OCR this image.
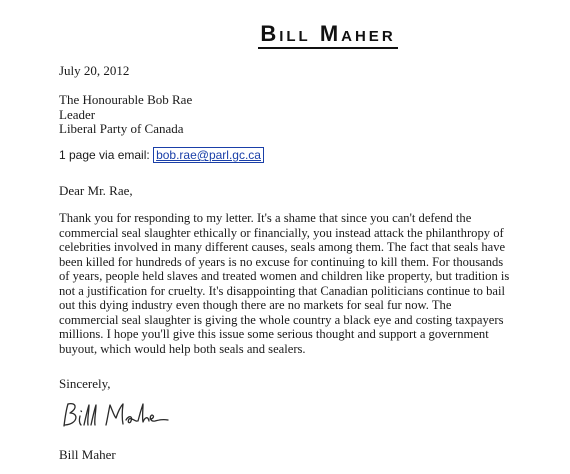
Bill Maher
July 20, 2012
The Honourable Bob Rae
Leader
Liberal Party of Canada
1 page via email: bob.rae@parl.gc.ca
Dear Mr. Rae,
Thank you for responding to my letter. It's a shame that since you can't defend the
commercial seal slaughter ethically or financially, you instead attack the philanthropy of
celebrities involved in many different causes, seals among them. The fact that seals have
been killed for hundreds of years is no excuse for continuing to kill them. For thousands
of years, people held slaves and treated women and children like property, but tradition is
not a justification for cruelty. It's disappointing that Canadian politicians continue to bail
out this dying industry even though there are no markets for seal fur now. The
commercial seal slaughter is giving the whole country a black eye and costing taxpayers
millions. I hope you'll give this issue some serious thought and support a government
buyout, which would help both seals and sealers.
Sincerely,
Bill Maher
